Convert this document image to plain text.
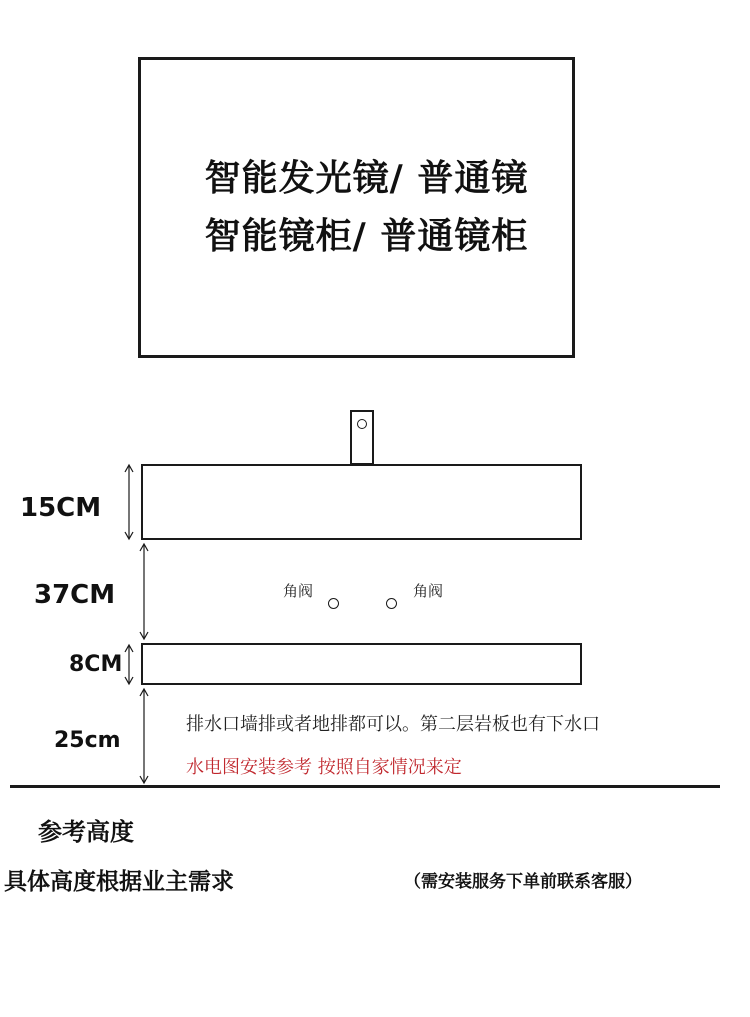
智能发光镜/ 普通镜
智能镜柜/ 普通镜柜
15CM
37CM
8CM
25cm
角阀	角阀
排水口墙排或者地排都可以。第二层岩板也有下水口
水电图安装参考 按照自家情况来定
参考高度
具体高度根据业主需求	（需安装服务下单前联系客服）
